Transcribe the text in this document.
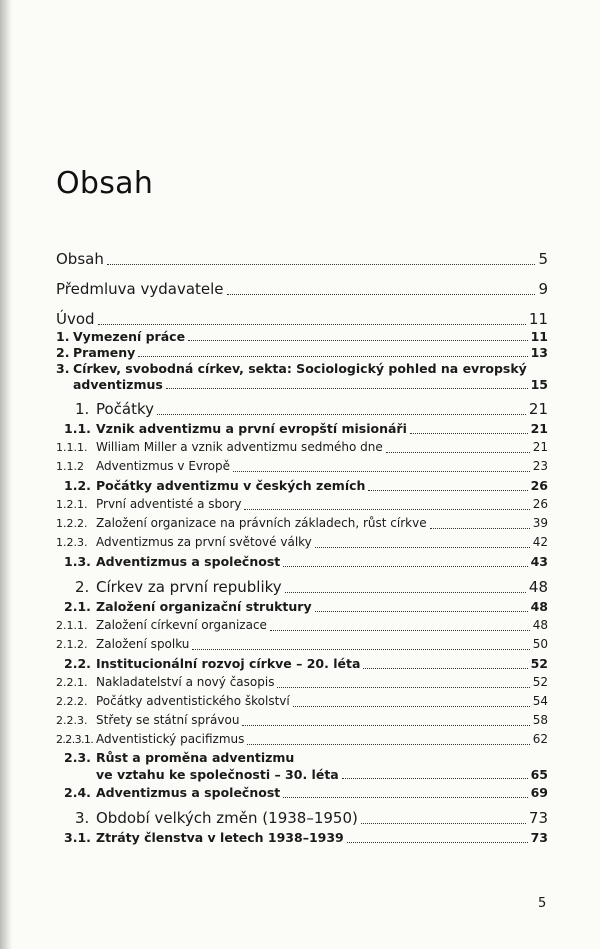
Obsah
Obsah	5
Předmluva vydavatele	9
Úvod	11
1. Vymezení práce	11
2. Prameny	13
3. Církev, svobodná církev, sekta: Sociologický pohled na evropský
adventizmus	15
1. Počátky	21
1.1. Vznik adventizmu a první evropští misionáři	21
1.1.1. William Miller a vznik adventizmu sedmého dne	21
1.1.2	Adventizmus v Evropě	23
1.2. Počátky adventizmu v českých zemích	26
1.2.1. První adventisté a sbory	26
1.2.2. Založení organizace na právních základech, růst církve	39
1.2.3. Adventizmus za první světové války	42
1.3. Adventizmus a společnost	43
2. Církev za první republiky	48
2.1. Založení organizační struktury	48
2.1.1. Založení církevní organizace	48
2.1.2. Založení spolku	50
2.2. Institucionální rozvoj církve – 20. léta	52
2.2.1. Nakladatelství a nový časopis	52
2.2.2. Počátky adventistického školství	54
2.2.3. Střety se státní správou	58
2.2.3.1. Adventistický pacifizmus	62
2.3. Růst a proměna adventizmu
ve vztahu ke společnosti – 30. léta	65
2.4. Adventizmus a společnost	69
3. Období velkých změn (1938–1950)	73
3.1. Ztráty členstva v letech 1938–1939	73
5
